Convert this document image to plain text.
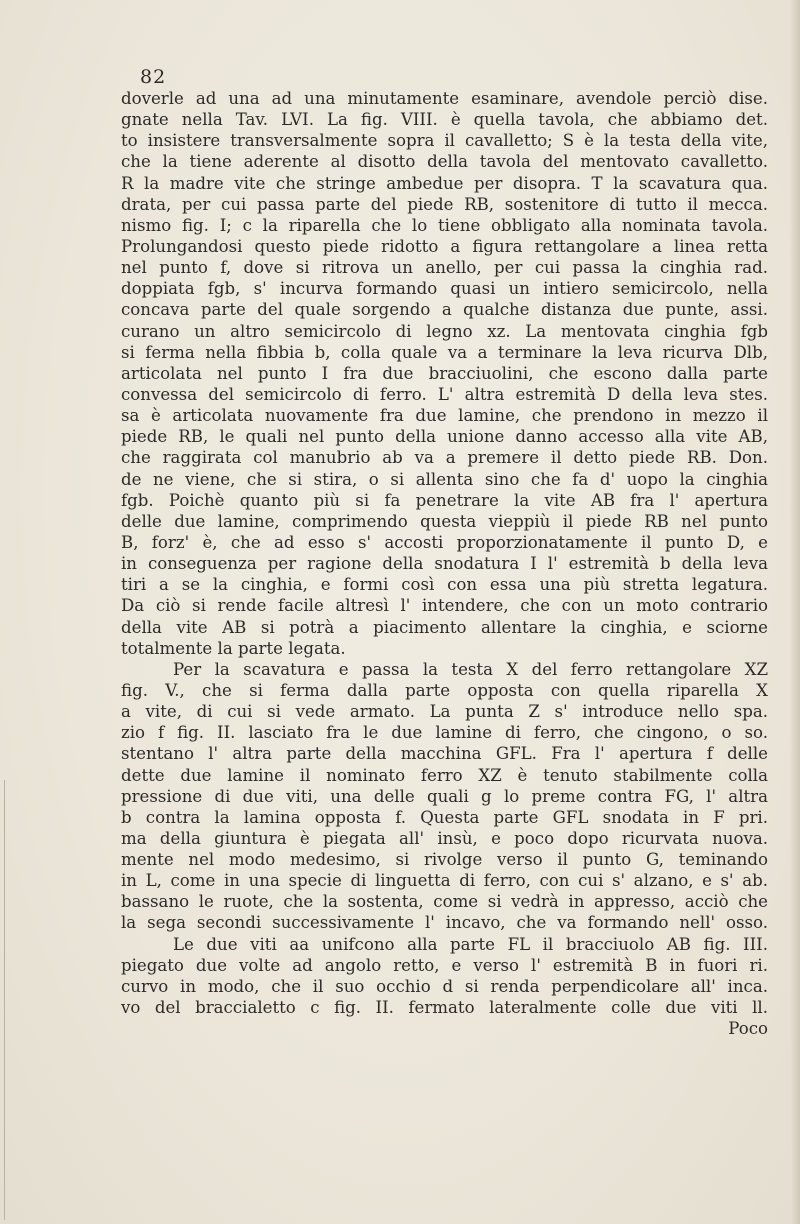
82
doverle ad una ad una minutamente esaminare, avendole perciò dise.
gnate nella Tav. LVI. La fig. VIII. è quella tavola, che abbiamo det.
to insistere transversalmente sopra il cavalletto; S è la testa della vite,
che la tiene aderente al disotto della tavola del mentovato cavalletto.
R la madre vite che stringe ambedue per disopra. T la scavatura qua.
drata, per cui passa parte del piede RB, sostenitore di tutto il mecca.
nismo fig. I; c la riparella che lo tiene obbligato alla nominata tavola.
Prolungandosi questo piede ridotto a figura rettangolare a linea retta
nel punto f, dove si ritrova un anello, per cui passa la cinghia rad.
doppiata fgb, s' incurva formando quasi un intiero semicircolo, nella
concava parte del quale sorgendo a qualche distanza due punte, assi.
curano un altro semicircolo di legno xz. La mentovata cinghia fgb
si ferma nella fibbia b, colla quale va a terminare la leva ricurva Dlb,
articolata nel punto I fra due bracciuolini, che escono dalla parte
convessa del semicircolo di ferro. L' altra estremità D della leva stes.
sa è articolata nuovamente fra due lamine, che prendono in mezzo il
piede RB, le quali nel punto della unione danno accesso alla vite AB,
che raggirata col manubrio ab va a premere il detto piede RB. Don.
de ne viene, che si stira, o si allenta sino che fa d' uopo la cinghia
fgb. Poichè quanto più si fa penetrare la vite AB fra l' apertura
delle due lamine, comprimendo questa vieppiù il piede RB nel punto
B, forz' è, che ad esso s' accosti proporzionatamente il punto D, e
in conseguenza per ragione della snodatura I l' estremità b della leva
tiri a se la cinghia, e formi così con essa una più stretta legatura.
Da ciò si rende facile altresì l' intendere, che con un moto contrario
della vite AB si potrà a piacimento allentare la cinghia, e sciorne
totalmente la parte legata.
Per la scavatura e passa la testa X del ferro rettangolare XZ
fig. V., che si ferma dalla parte opposta con quella riparella X
a vite, di cui si vede armato. La punta Z s' introduce nello spa.
zio f fig. II. lasciato fra le due lamine di ferro, che cingono, o so.
stentano l' altra parte della macchina GFL. Fra l' apertura f delle
dette due lamine il nominato ferro XZ è tenuto stabilmente colla
pressione di due viti, una delle quali g lo preme contra FG, l' altra
b contra la lamina opposta f. Questa parte GFL snodata in F pri.
ma della giuntura è piegata all' insù, e poco dopo ricurvata nuova.
mente nel modo medesimo, si rivolge verso il punto G, teminando
in L, come in una specie di linguetta di ferro, con cui s' alzano, e s' ab.
bassano le ruote, che la sostenta, come si vedrà in appresso, acciò che
la sega secondi successivamente l' incavo, che va formando nell' osso.
Le due viti aa unifcono alla parte FL il bracciuolo AB fig. III.
piegato due volte ad angolo retto, e verso l' estremità B in fuori ri.
curvo in modo, che il suo occhio d si renda perpendicolare all' inca.
vo del braccialetto c fig. II. fermato lateralmente colle due viti ll.
Poco
